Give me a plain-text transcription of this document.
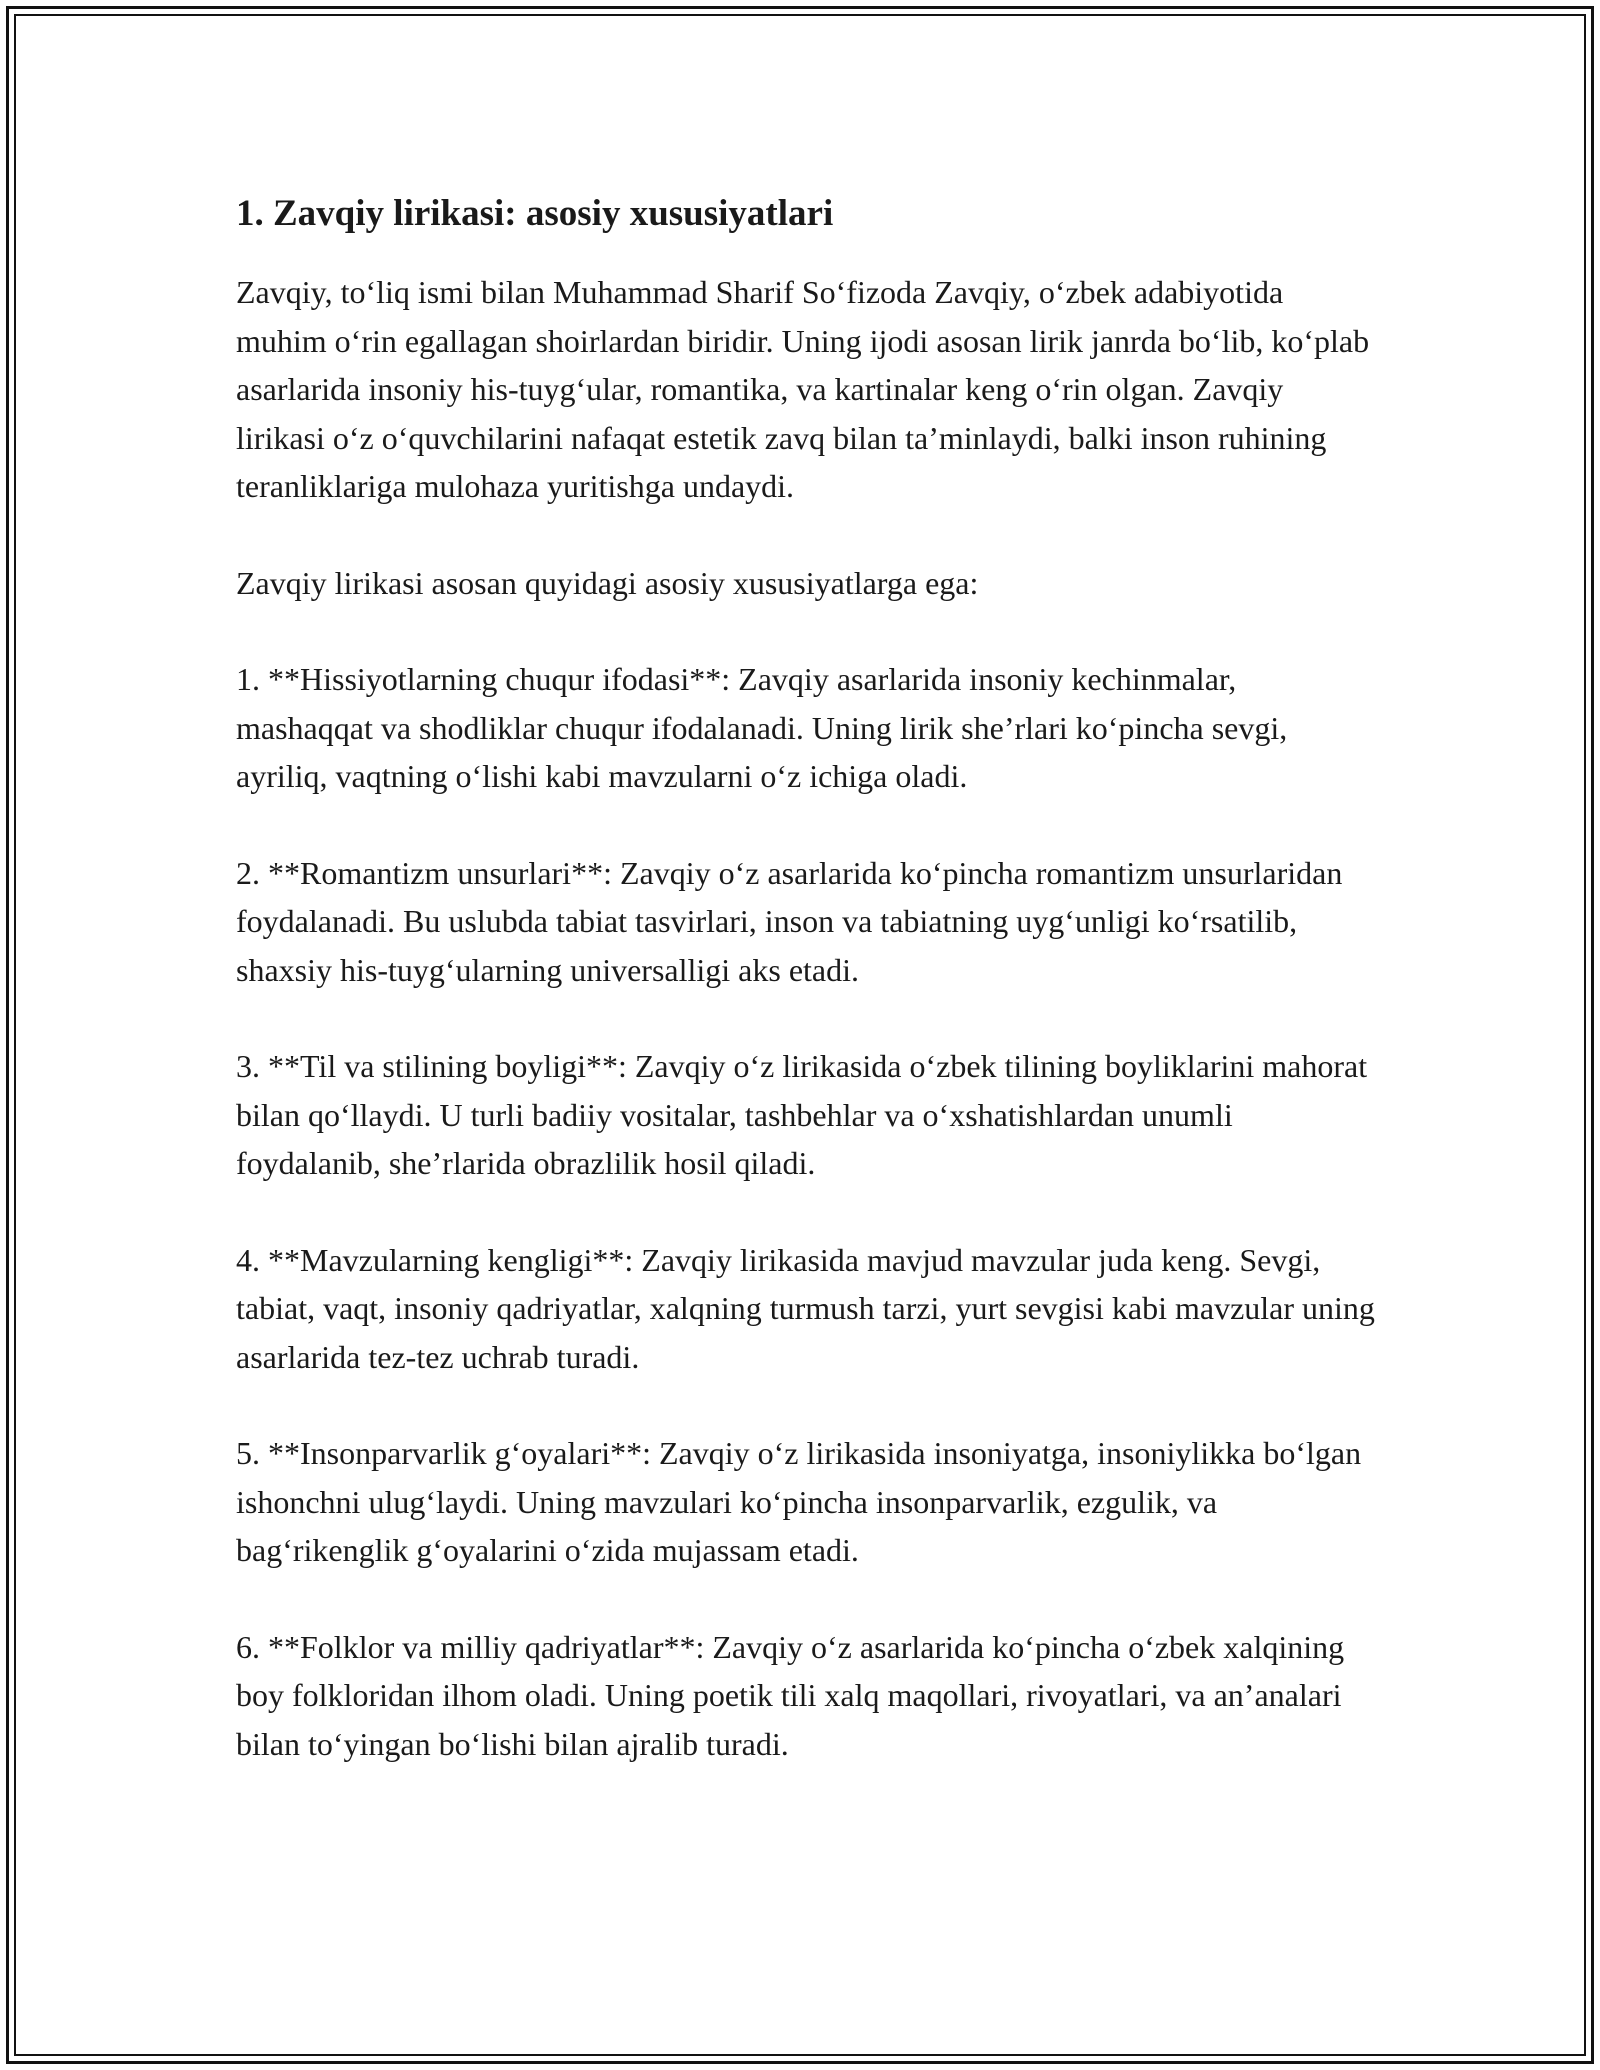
1. Zavqiy lirikasi: asosiy xususiyatlari

Zavqiy, to‘liq ismi bilan Muhammad Sharif So‘fizoda Zavqiy, o‘zbek adabiyotida muhim o‘rin egallagan shoirlardan biridir. Uning ijodi asosan lirik janrda bo‘lib, ko‘plab asarlarida insoniy his-tuyg‘ular, romantika, va kartinalar keng o‘rin olgan. Zavqiy lirikasi o‘z o‘quvchilarini nafaqat estetik zavq bilan ta’minlaydi, balki inson ruhining teranliklariga mulohaza yuritishga undaydi.

Zavqiy lirikasi asosan quyidagi asosiy xususiyatlarga ega:

1. **Hissiyotlarning chuqur ifodasi**: Zavqiy asarlarida insoniy kechinmalar, mashaqqat va shodliklar chuqur ifodalanadi. Uning lirik she’rlari ko‘pincha sevgi, ayriliq, vaqtning o‘lishi kabi mavzularni o‘z ichiga oladi.

2. **Romantizm unsurlari**: Zavqiy o‘z asarlarida ko‘pincha romantizm unsurlaridan foydalanadi. Bu uslubda tabiat tasvirlari, inson va tabiatning uyg‘unligi ko‘rsatilib, shaxsiy his-tuyg‘ularning universalligi aks etadi.

3. **Til va stilining boyligi**: Zavqiy o‘z lirikasida o‘zbek tilining boyliklarini mahorat bilan qo‘llaydi. U turli badiiy vositalar, tashbehlar va o‘xshatishlardan unumli foydalanib, she’rlarida obrazlilik hosil qiladi.

4. **Mavzularning kengligi**: Zavqiy lirikasida mavjud mavzular juda keng. Sevgi, tabiat, vaqt, insoniy qadriyatlar, xalqning turmush tarzi, yurt sevgisi kabi mavzular uning asarlarida tez-tez uchrab turadi.

5. **Insonparvarlik g‘oyalari**: Zavqiy o‘z lirikasida insoniyatga, insoniylikka bo‘lgan ishonchni ulug‘laydi. Uning mavzulari ko‘pincha insonparvarlik, ezgulik, va bag‘rikenglik g‘oyalarini o‘zida mujassam etadi.

6. **Folklor va milliy qadriyatlar**: Zavqiy o‘z asarlarida ko‘pincha o‘zbek xalqining boy folkloridan ilhom oladi. Uning poetik tili xalq maqollari, rivoyatlari, va an’analari bilan to‘yingan bo‘lishi bilan ajralib turadi.
